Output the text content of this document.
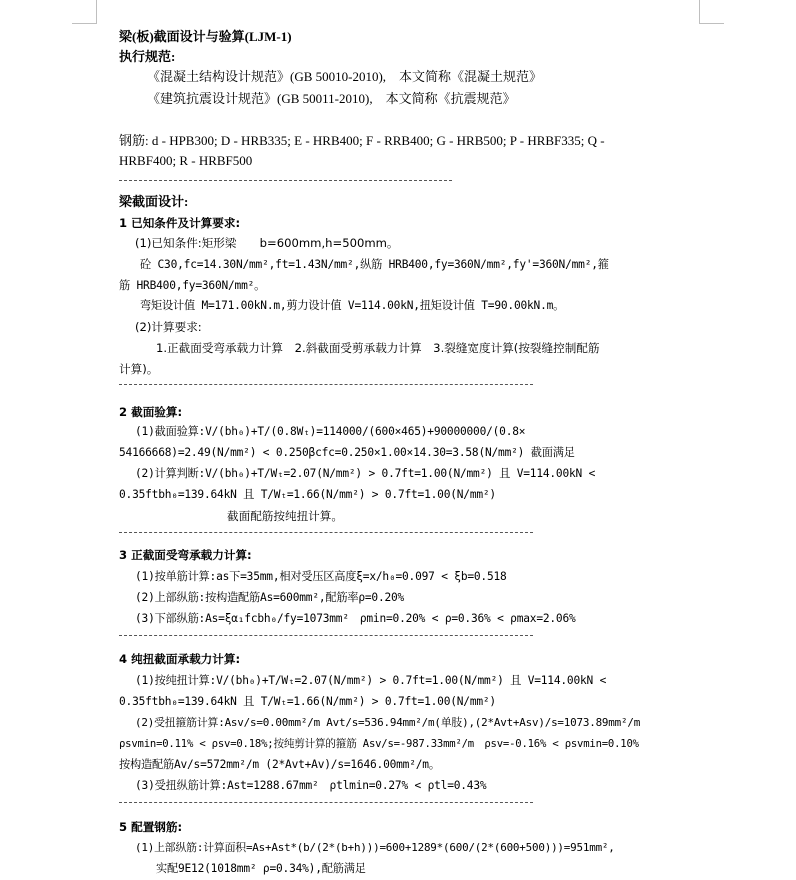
梁(板)截面设计与验算(LJM-1)
执行规范:
《混凝土结构设计规范》(GB 50010-2010),　本文简称《混凝土规范》
《建筑抗震设计规范》(GB 50011-2010),　本文简称《抗震规范》
钢筋: d - HPB300; D - HRB335; E - HRB400; F - RRB400; G - HRB500; P - HRBF335; Q -
HRBF400; R - HRBF500
梁截面设计:
1 已知条件及计算要求:
(1)已知条件:矩形梁　　b=600mm,h=500mm。
砼 C30,fc=14.30N/mm²,ft=1.43N/mm²,纵筋 HRB400,fy=360N/mm²,fy'=360N/mm²,箍
筋 HRB400,fy=360N/mm²。
弯矩设计值 M=171.00kN.m,剪力设计值 V=114.00kN,扭矩设计值 T=90.00kN.m。
(2)计算要求:
1.正截面受弯承载力计算　2.斜截面受剪承载力计算　3.裂缝宽度计算(按裂缝控制配筋
计算)。
2 截面验算:
(1)截面验算:V/(bh₀)+T/(0.8Wₜ)=114000/(600×465)+90000000/(0.8×
54166668)=2.49(N/mm²) < 0.250βcfc=0.250×1.00×14.30=3.58(N/mm²) 截面满足
(2)计算判断:V/(bh₀)+T/Wₜ=2.07(N/mm²) > 0.7ft=1.00(N/mm²) 且 V=114.00kN <
0.35ftbh₀=139.64kN 且 T/Wₜ=1.66(N/mm²) > 0.7ft=1.00(N/mm²)
截面配筋按纯扭计算。
3 正截面受弯承载力计算:
(1)按单筋计算:as下=35mm,相对受压区高度ξ=x/h₀=0.097 < ξb=0.518
(2)上部纵筋:按构造配筋As=600mm²,配筋率ρ=0.20%
(3)下部纵筋:As=ξα₁fcbh₀/fy=1073mm²　ρmin=0.20% < ρ=0.36% < ρmax=2.06%
4 纯扭截面承载力计算:
(1)按纯扭计算:V/(bh₀)+T/Wₜ=2.07(N/mm²) > 0.7ft=1.00(N/mm²) 且 V=114.00kN <
0.35ftbh₀=139.64kN 且 T/Wₜ=1.66(N/mm²) > 0.7ft=1.00(N/mm²)
(2)受扭箍筋计算:Asv/s=0.00mm²/m Avt/s=536.94mm²/m(单肢),(2*Avt+Asv)/s=1073.89mm²/m
ρsvmin=0.11% < ρsv=0.18%;按纯剪计算的箍筋 Asv/s=-987.33mm²/m　ρsv=-0.16% < ρsvmin=0.10%
按构造配筋Av/s=572mm²/m (2*Avt+Av)/s=1646.00mm²/m。
(3)受扭纵筋计算:Ast=1288.67mm²　ρtlmin=0.27% < ρtl=0.43%
5 配置钢筋:
(1)上部纵筋:计算面积=As+Ast*(b/(2*(b+h)))=600+1289*(600/(2*(600+500)))=951mm²,
实配9E12(1018mm² ρ=0.34%),配筋满足
